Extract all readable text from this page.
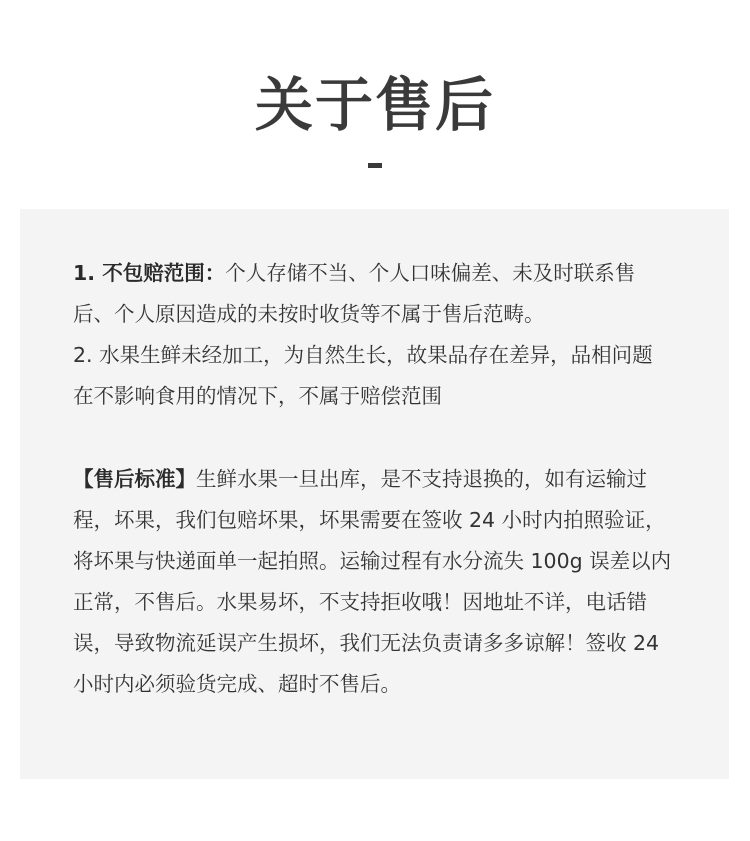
关于售后
1. 不包赔范围：个人存储不当、个人口味偏差、未及时联系售后、个人原因造成的未按时收货等不属于售后范畴。
2. 水果生鲜未经加工，为自然生长，故果品存在差异，品相问题在不影响食用的情况下，不属于赔偿范围
【售后标准】生鲜水果一旦出库，是不支持退换的，如有运输过程，坏果，我们包赔坏果，坏果需要在签收 24 小时内拍照验证，将坏果与快递面单一起拍照。运输过程有水分流失 100g 误差以内正常，不售后。水果易坏，不支持拒收哦！因地址不详，电话错误，导致物流延误产生损坏，我们无法负责请多多谅解！签收 24 小时内必须验货完成、超时不售后。
